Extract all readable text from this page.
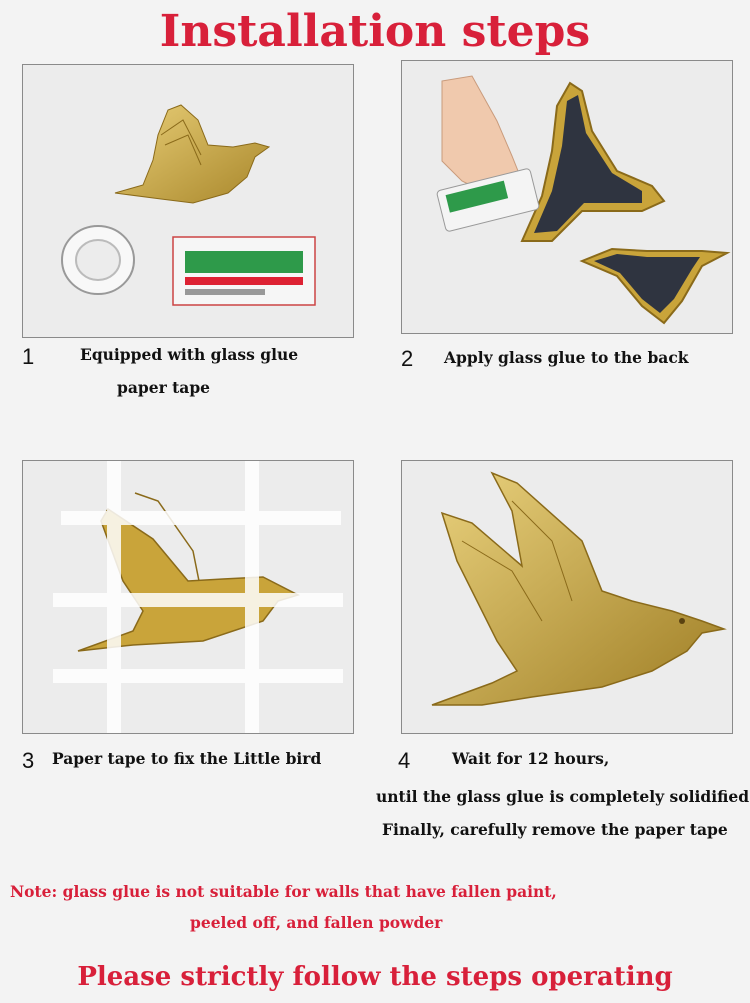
Installation steps
1	Equipped with glass glue
paper tape
2 Apply glass glue to the back
3 Paper tape to fix the Little bird	4	Wait for 12 hours,
until the glass glue is completely solidified
Finally, carefully remove the paper tape
Note: glass glue is not suitable for walls that have fallen paint,
peeled off, and fallen powder
Please strictly follow the steps operating
